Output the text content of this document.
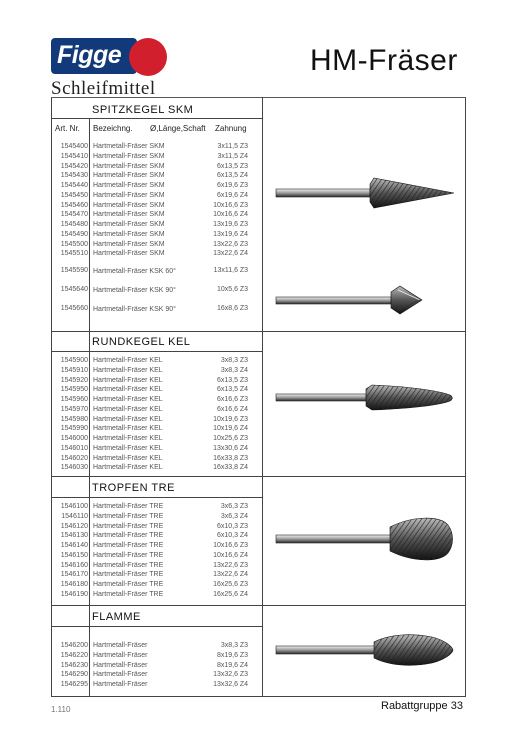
Figge
Schleifmittel
HM-Fräser
SPITZKEGEL SKM
Art. Nr. Bezeichng. Ø,Länge,Schaft Zahnung
1545400 Hartmetall-Fräser SKM	3x11,5 Z3
1545410 Hartmetall-Fräser SKM	3x11,5 Z4
1545420 Hartmetall-Fräser SKM	6x13,5 Z3
1545430 Hartmetall-Fräser SKM	6x13,5 Z4
1545440 Hartmetall-Fräser SKM	6x19,6 Z3
1545450 Hartmetall-Fräser SKM	6x19,6 Z4
1545460 Hartmetall-Fräser SKM	10x16,6 Z3
1545470 Hartmetall-Fräser SKM	10x16,6 Z4
1545480 Hartmetall-Fräser SKM	13x19,6 Z3
1545490 Hartmetall-Fräser SKM	13x19,6 Z4
1545500 Hartmetall-Fräser SKM	13x22,6 Z3
1545510 Hartmetall-Fräser SKM	13x22,6 Z4
1545590 Hartmetall-Fräser KSK 60°	13x11,6 Z3
1545640 Hartmetall-Fräser KSK 90°	10x5,6 Z3
1545660 Hartmetall-Fräser KSK 90°	16x8,6 Z3
RUNDKEGEL KEL
1545900 Hartmetall-Fräser KEL	3x8,3 Z3
1545910 Hartmetall-Fräser KEL	3x8,3 Z4
1545920 Hartmetall-Fräser KEL	6x13,5 Z3
1545950 Hartmetall-Fräser KEL	6x13,5 Z4
1545960 Hartmetall-Fräser KEL	6x16,6 Z3
1545970 Hartmetall-Fräser KEL	6x16,6 Z4
1545980 Hartmetall-Fräser KEL	10x19,6 Z3
1545990 Hartmetall-Fräser KEL	10x19,6 Z4
1546000 Hartmetall-Fräser KEL	10x25,6 Z3
1546010 Hartmetall-Fräser KEL	13x30,6 Z4
1546020 Hartmetall-Fräser KEL	16x33,8 Z3
1546030 Hartmetall-Fräser KEL	16x33,8 Z4
TROPFEN TRE
1546100 Hartmetall-Fräser TRE	3x6,3 Z3
1546110 Hartmetall-Fräser TRE	3x6,3 Z4
1546120 Hartmetall-Fräser TRE	6x10,3 Z3
1546130 Hartmetall-Fräser TRE	6x10,3 Z4
1546140 Hartmetall-Fräser TRE	10x16,6 Z3
1546150 Hartmetall-Fräser TRE	10x16,6 Z4
1546160 Hartmetall-Fräser TRE	13x22,6 Z3
1546170 Hartmetall-Fräser TRE	13x22,6 Z4
1546180 Hartmetall-Fräser TRE	16x25,6 Z3
1546190 Hartmetall-Fräser TRE	16x25,6 Z4
FLAMME
1546200 Hartmetall-Fräser	3x8,3 Z3
1546220 Hartmetall-Fräser	8x19,6 Z3
1546230 Hartmetall-Fräser	8x19,6 Z4
1546290 Hartmetall-Fräser	13x32,6 Z3
1546295 Hartmetall-Fräser	13x32,6 Z4
1.110	Rabattgruppe 33
